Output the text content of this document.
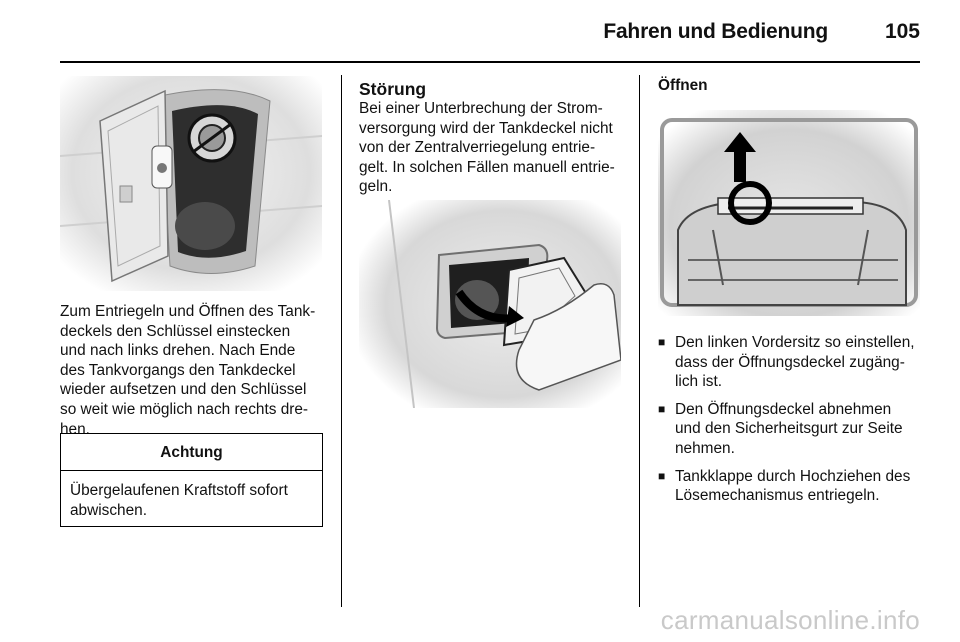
Fahren und Bedienung	105
Zum Entriegeln und Öffnen des Tank-
deckels den Schlüssel einstecken
und nach links drehen. Nach Ende
des Tankvorgangs den Tankdeckel
wieder aufsetzen und den Schlüssel
so weit wie möglich nach rechts dre-
hen.
Achtung
Übergelaufenen Kraftstoff sofort
abwischen.
Störung
Bei einer Unterbrechung der Strom-
versorgung wird der Tankdeckel nicht
von der Zentralverriegelung entrie-
gelt. In solchen Fällen manuell entrie-
geln.
Öffnen
■ Den linken Vordersitz so einstellen,
dass der Öffnungsdeckel zugäng-
lich ist.
■ Den Öffnungsdeckel abnehmen
und den Sicherheitsgurt zur Seite
nehmen.
■ Tankklappe durch Hochziehen des
Lösemechanismus entriegeln.
carmanualsonline.info
